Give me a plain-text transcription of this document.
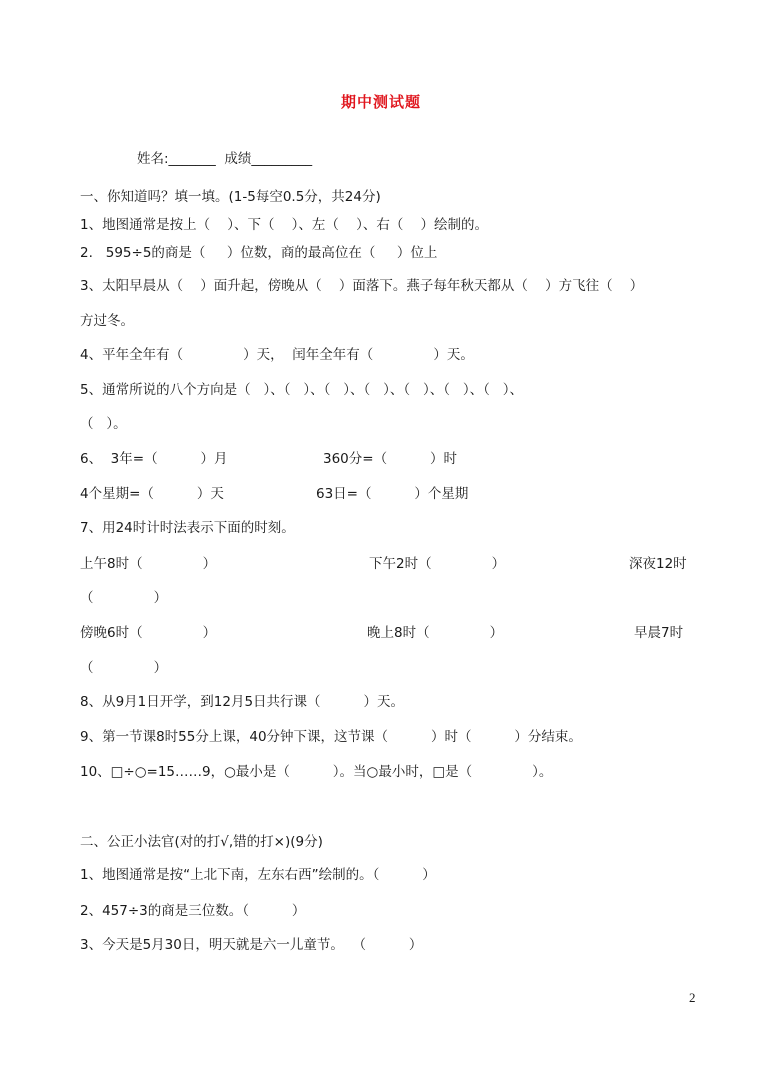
期中测试题
姓名:_______  成绩_________
一、你知道吗？填一填。(1-5每空0.5分，共24分)
1、地图通常是按上（    ）、下（    ）、左（    ）、右（    ）绘制的。
2.   595÷5的商是（     ）位数，商的最高位在（     ）位上
3、太阳早晨从（    ）面升起，傍晚从（    ）面落下。燕子每年秋天都从（    ）方飞往（    ）
方过冬。
4、平年全年有（              ）天，  闰年全年有（              ）天。
5、通常所说的八个方向是（   ）、（   ）、（   ）、（   ）、（   ）、（   ）、（   ）、
（   ）。
6、  3年=（          ）月	360分=（          ）时
4个星期=（          ）天	63日=（          ）个星期
7、用24时计时法表示下面的时刻。
上午8时（              ）	下午2时（              ）	深夜12时
（              ）
傍晚6时（              ）	晚上8时（              ）	早晨7时
（              ）
8、从9月1日开学，到12月5日共行课（          ）天。
9、第一节课8时55分上课，40分钟下课，这节课（          ）时（          ）分结束。
10、□÷○=15……9，○最小是（          ）。当○最小时，□是（              ）。
二、公正小法官(对的打√,错的打×)(9分)
1、地图通常是按“上北下南，左东右西”绘制的。（          ）
2、457÷3的商是三位数。（          ）
3、今天是5月30日，明天就是六一儿童节。  （          ）
2
